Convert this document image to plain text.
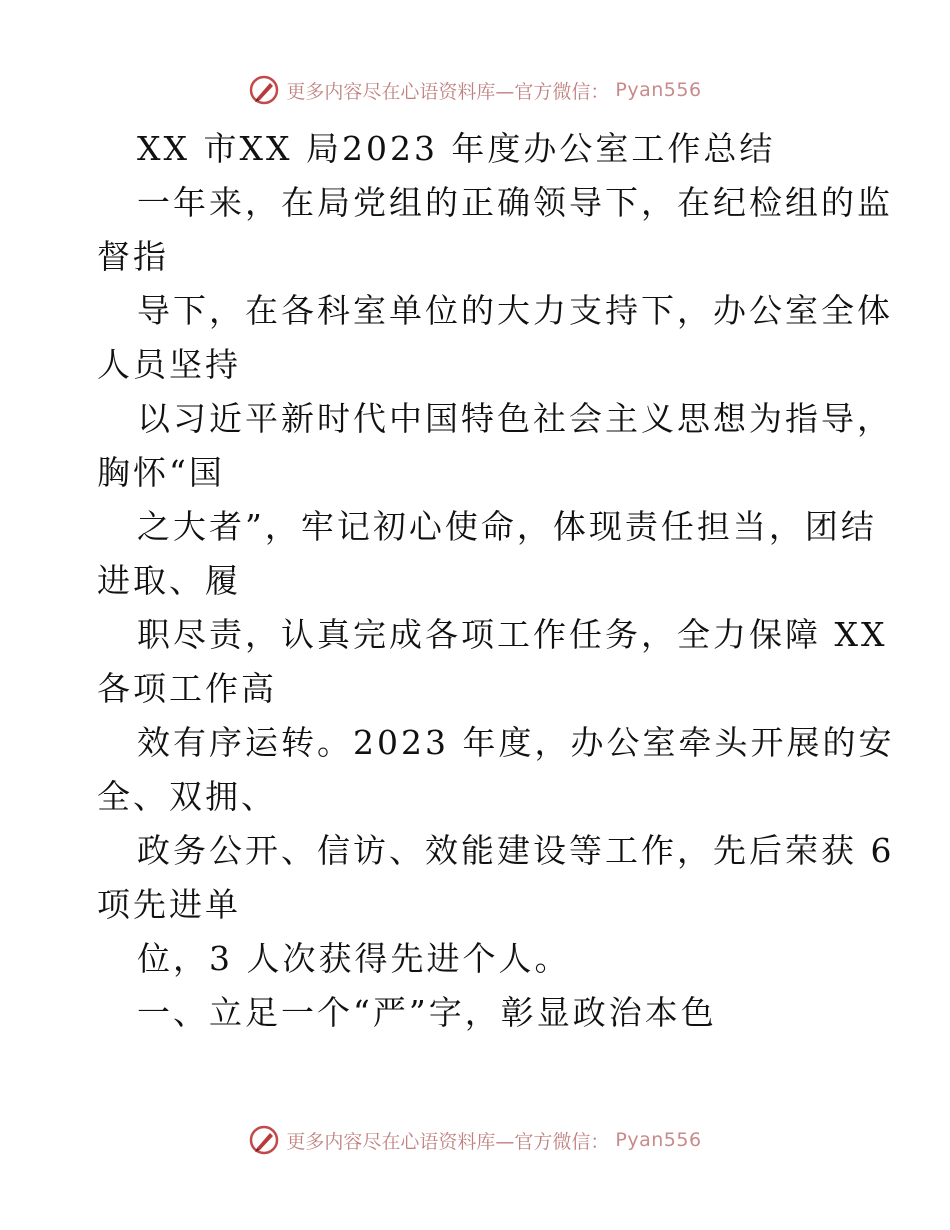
更多内容尽在心语资料库—官方微信： Pyan556
XX 市XX 局2023 年度办公室工作总结
一年来，在局党组的正确领导下，在纪检组的监
督指
导下，在各科室单位的大力支持下，办公室全体
人员坚持
以习近平新时代中国特色社会主义思想为指导，
胸怀“国
之大者”，牢记初心使命，体现责任担当，团结
进取、履
职尽责，认真完成各项工作任务，全力保障 XX
各项工作高
效有序运转。2023 年度，办公室牵头开展的安
全、双拥、
政务公开、信访、效能建设等工作，先后荣获 6
项先进单
位，3 人次获得先进个人。
一、立足一个“严”字，彰显政治本色
更多内容尽在心语资料库—官方微信： Pyan556
